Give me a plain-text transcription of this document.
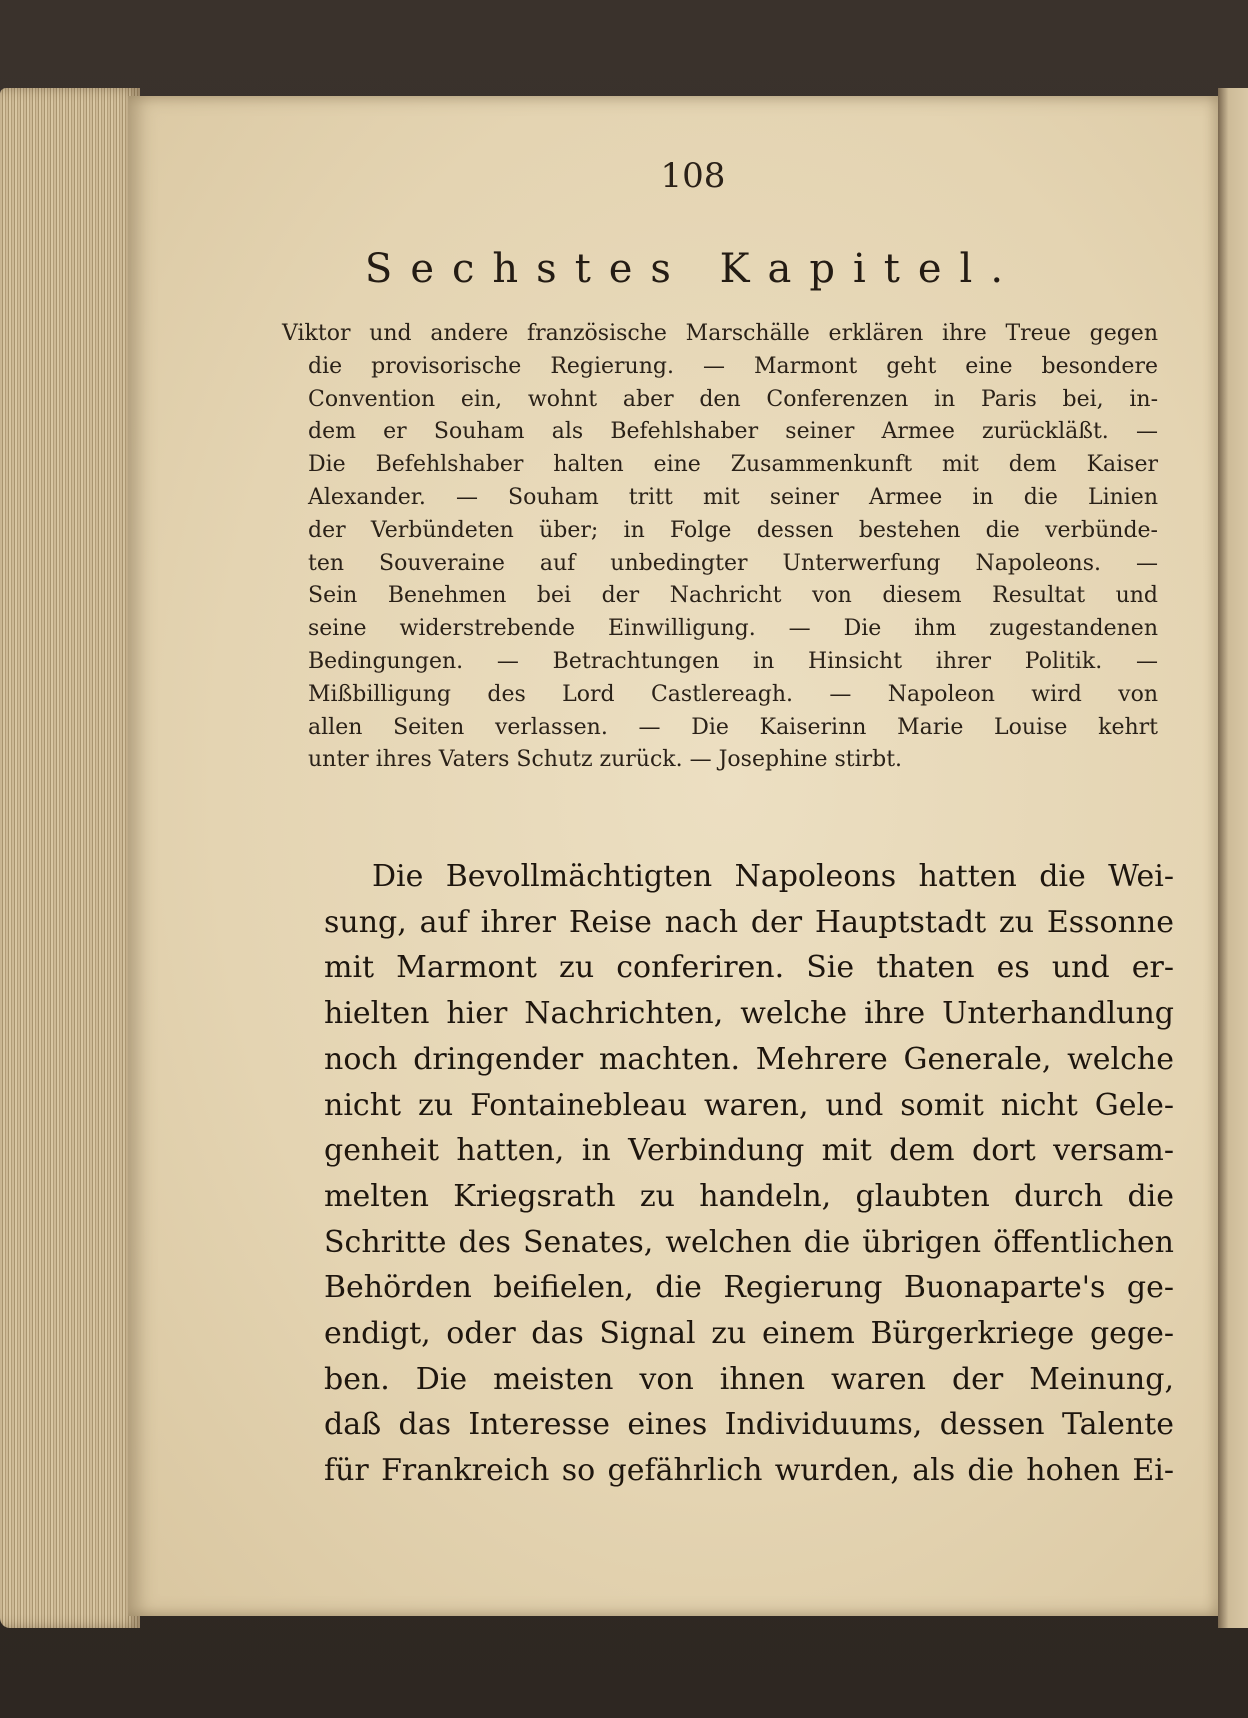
108
Sechstes Kapitel.
Viktor und andere französische Marschälle erklären ihre Treue gegen
die provisorische Regierung. — Marmont geht eine besondere
Convention ein, wohnt aber den Conferenzen in Paris bei, in-
dem er Souham als Befehlshaber seiner Armee zurückläßt. —
Die Befehlshaber halten eine Zusammenkunft mit dem Kaiser
Alexander. — Souham tritt mit seiner Armee in die Linien
der Verbündeten über; in Folge dessen bestehen die verbünde-
ten Souveraine auf unbedingter Unterwerfung Napoleons. —
Sein Benehmen bei der Nachricht von diesem Resultat und
seine widerstrebende Einwilligung. — Die ihm zugestandenen
Bedingungen. — Betrachtungen in Hinsicht ihrer Politik. —
Mißbilligung des Lord Castlereagh. — Napoleon wird von
allen Seiten verlassen. — Die Kaiserinn Marie Louise kehrt
unter ihres Vaters Schutz zurück. — Josephine stirbt.
Die Bevollmächtigten Napoleons hatten die Wei-
sung, auf ihrer Reise nach der Hauptstadt zu Essonne
mit Marmont zu conferiren. Sie thaten es und er-
hielten hier Nachrichten, welche ihre Unterhandlung
noch dringender machten. Mehrere Generale, welche
nicht zu Fontainebleau waren, und somit nicht Gele-
genheit hatten, in Verbindung mit dem dort versam-
melten Kriegsrath zu handeln, glaubten durch die
Schritte des Senates, welchen die übrigen öffentlichen
Behörden beifielen, die Regierung Buonaparte's ge-
endigt, oder das Signal zu einem Bürgerkriege gege-
ben. Die meisten von ihnen waren der Meinung,
daß das Interesse eines Individuums, dessen Talente
für Frankreich so gefährlich wurden, als die hohen Ei-
